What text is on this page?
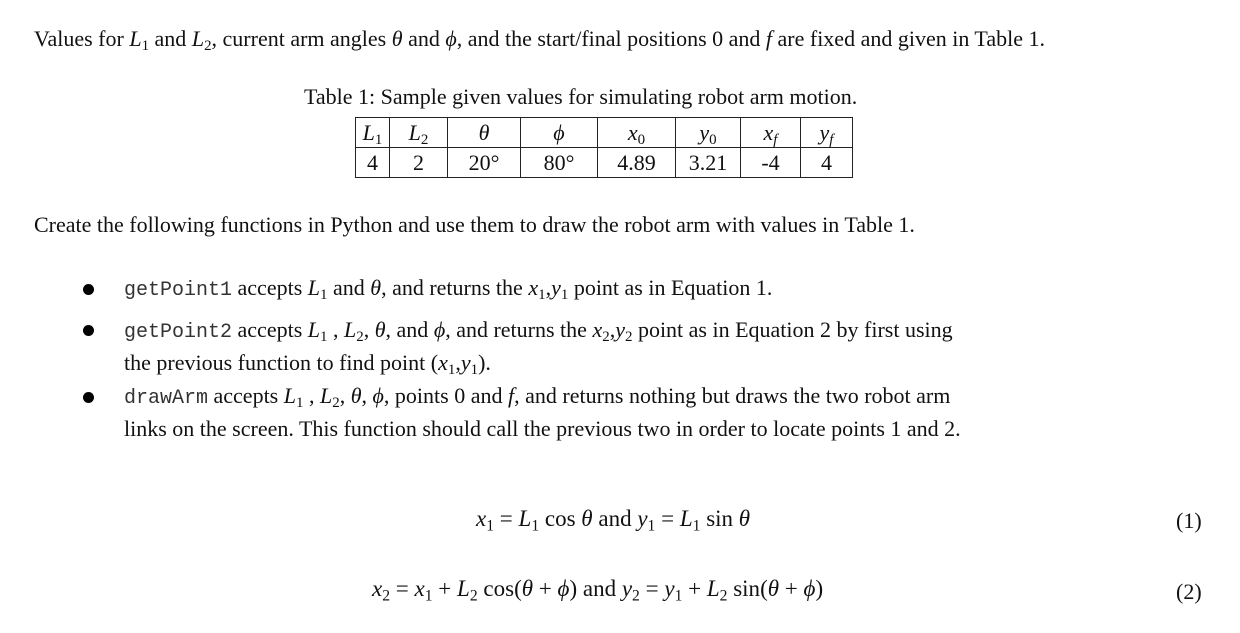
Values for $L_1$ and $L_2$, current arm angles θ and ϕ, and the start/final positions 0 and f are fixed and given in Table 1.
Table 1: Sample given values for simulating robot arm motion.
$L_1$	$L_2$	θ	ϕ	$x_0$	$y_0$	$x_f$	$y_f$
4	2	20°	80°	4.89	3.21	-4	4
Create the following functions in Python and use them to draw the robot arm with values in Table 1.
getPoint1 accepts $L_1$ and θ, and returns the $x_1,y_1$ point as in Equation 1.
getPoint2 accepts $L_1$ , $L_2$, θ, and ϕ, and returns the $x_2,y_2$ point as in Equation 2 by first using
the previous function to find point $(x_1,y_1)$.
drawArm accepts $L_1$ , $L_2$, θ, ϕ, points 0 and f, and returns nothing but draws the two robot arm
links on the screen. This function should call the previous two in order to locate points 1 and 2.
$x_1 = L_1$ cos θ and $y_1 = L_1$ sin θ	(1)
$x_2 = x_1 + L_2$ cos(θ + ϕ) and $y_2 = y_1 + L_2$ sin(θ + ϕ)	(2)
